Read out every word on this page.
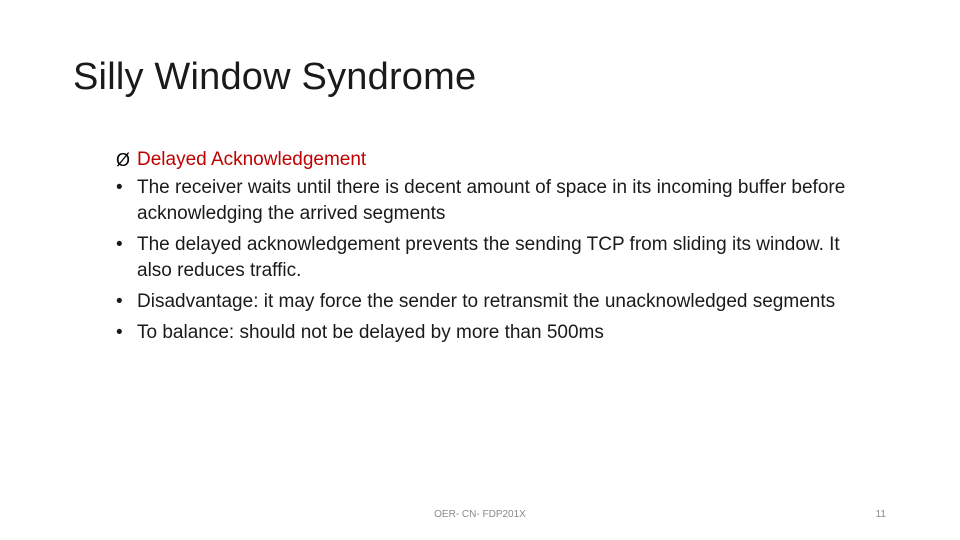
Silly Window Syndrome
Ø Delayed Acknowledgement
• The receiver waits until there is decent amount of space in its incoming buffer before acknowledging the arrived segments
• The delayed acknowledgement prevents the sending TCP from sliding its window. It also reduces traffic.
• Disadvantage: it may force the sender to retransmit the unacknowledged segments
• To balance: should not be delayed by more than 500ms
OER- CN- FDP201X	11
